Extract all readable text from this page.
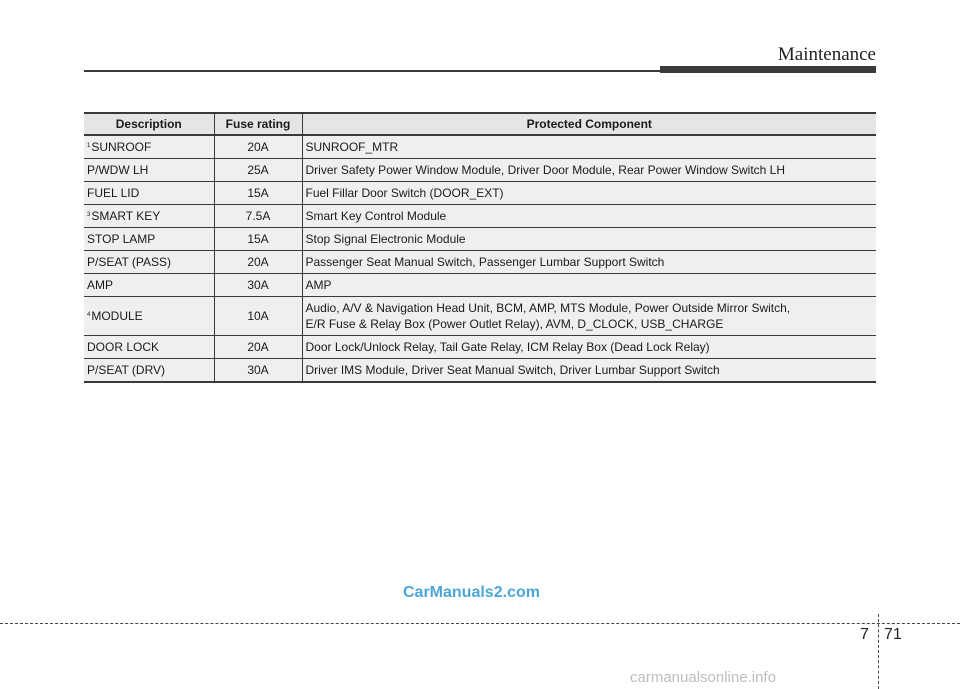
Maintenance
Description	Fuse rating	Protected Component
$^1$SUNROOF	20A	SUNROOF_MTR
P/WDW LH	25A	Driver Safety Power Window Module, Driver Door Module, Rear Power Window Switch LH
FUEL LID	15A	Fuel Fillar Door Switch (DOOR_EXT)
$^3$SMART KEY	7.5A	Smart Key Control Module
STOP LAMP	15A	Stop Signal Electronic Module
P/SEAT (PASS)	20A	Passenger Seat Manual Switch, Passenger Lumbar Support Switch
AMP	30A	AMP
$^4$MODULE	10A	Audio, A/V & Navigation Head Unit, BCM, AMP, MTS Module, Power Outside Mirror Switch,
E/R Fuse & Relay Box (Power Outlet Relay), AVM, D_CLOCK, USB_CHARGE

DOOR LOCK	20A	Door Lock/Unlock Relay, Tail Gate Relay, ICM Relay Box (Dead Lock Relay)
P/SEAT (DRV)	30A	Driver IMS Module, Driver Seat Manual Switch, Driver Lumbar Support Switch
CarManuals2.com
7 71
carmanualsonline.info
